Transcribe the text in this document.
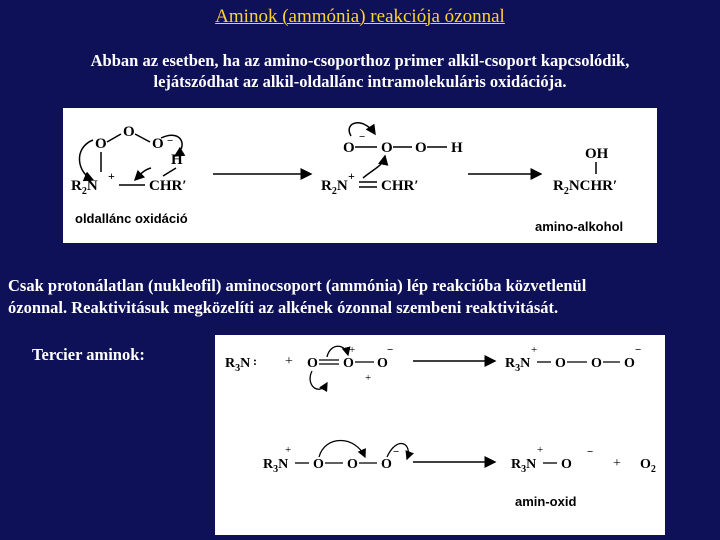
Aminok (ammónia) reakciója ózonnal
Abban az esetben, ha az amino-csoporthoz primer alkil-csoport kapcsolódik,
lejátszódhat az alkil-oldallánc intramolekuláris oxidációja.
O
O
O
$R_2N$
+
CHR′
H
−	O O O H
−
$R_2N$
+
CHR′
OH
$R_2NCHR'$
oldallánc oxidáció
amino-alkohol
Csak protonálatlan (nukleofil) aminocsoport (ammónia) lép reakcióba közvetlenül
ózonnal. Reaktivitásuk megközelíti az alkének ózonnal szembeni reaktivitását.
Tercier aminok:	$R_3N$ : + O O O
+	−
+
$R_3N$
+
O O O
−
$R_3N$
+
O O O
−
$R_3N$
+
O
−
+ $O_2$
amin-oxid
